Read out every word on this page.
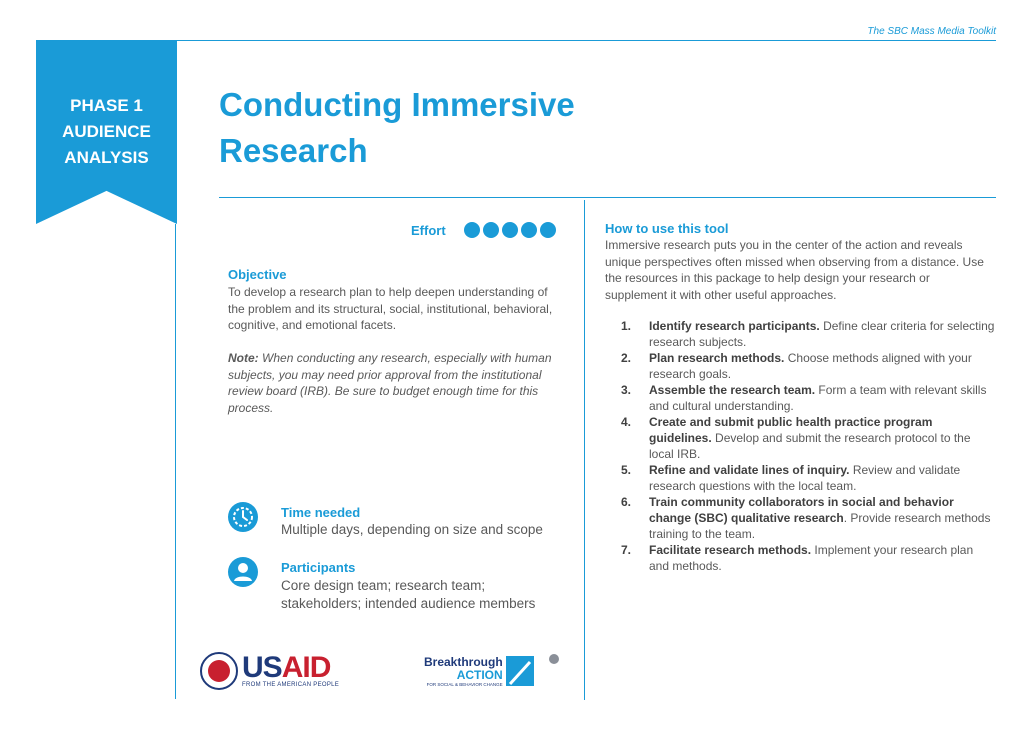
The SBC Mass Media Toolkit
PHASE 1
AUDIENCE
ANALYSIS
Conducting Immersive
Research
Effort
Objective
To develop a research plan to help deepen understanding of the problem and its structural, social, institutional, behavioral, cognitive, and emotional facets.
Note: When conducting any research, especially with human subjects, you may need prior approval from the institutional review board (IRB). Be sure to budget enough time for this process.
Time needed
Multiple days, depending on size and scope
Participants
Core design team; research team; stakeholders; intended audience members
How to use this tool
Immersive research puts you in the center of the action and reveals unique perspectives often missed when observing from a distance. Use the resources in this package to help design your research or supplement it with other useful approaches.
1.	Identify research participants. Define clear criteria for selecting research subjects.
2.	Plan research methods. Choose methods aligned with your research goals.
3.	Assemble the research team. Form a team with relevant skills and cultural understanding.
4.	Create and submit public health practice program guidelines. Develop and submit the research protocol to the local IRB.
5.	Refine and validate lines of inquiry. Review and validate research questions with the local team.
6.	Train community collaborators in social and behavior change (SBC) qualitative research. Provide research methods training to the team.
7.	Facilitate research methods. Implement your research plan and methods.
USAID
FROM THE AMERICAN PEOPLE
Breakthrough
ACTION
FOR SOCIAL & BEHAVIOR CHANGE
